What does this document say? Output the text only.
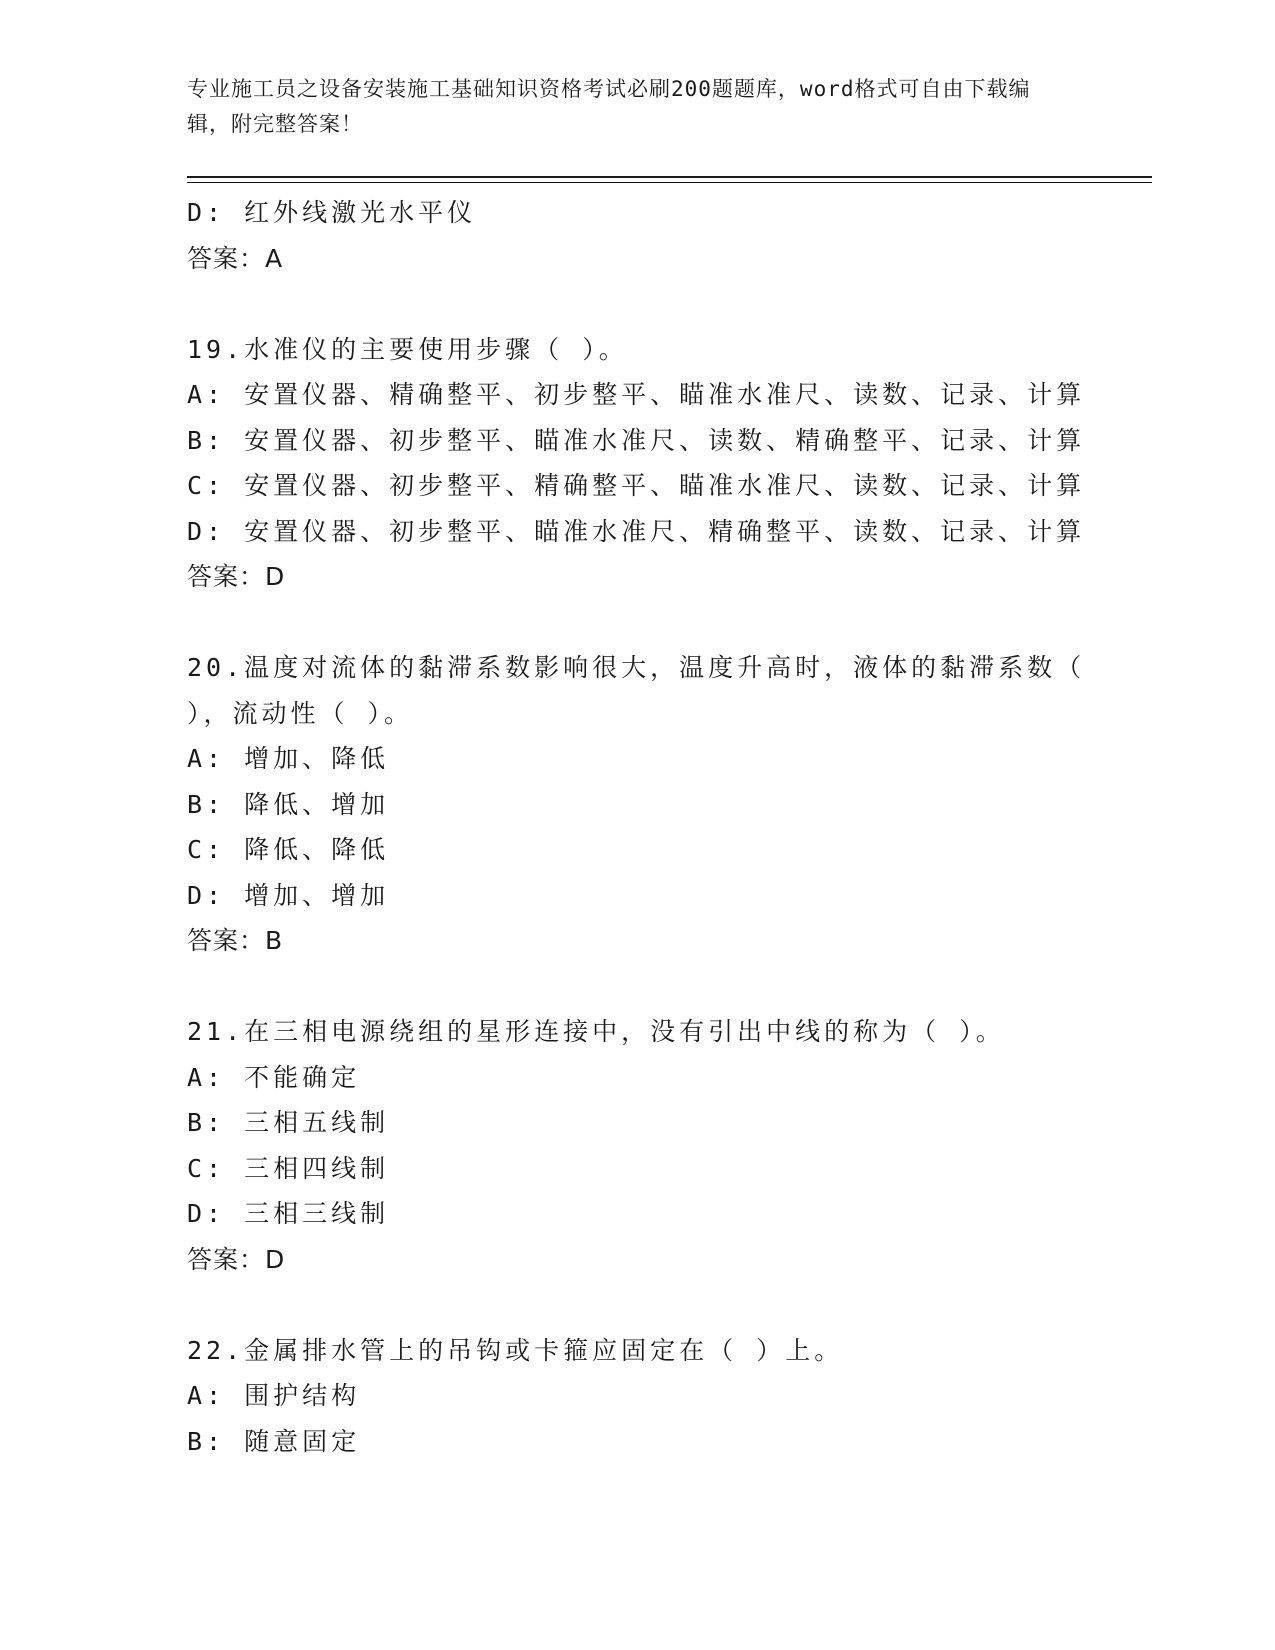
专业施工员之设备安装施工基础知识资格考试必刷200题题库，word格式可自由下载编辑，附完整答案！
D: 红外线激光水平仪
答案：A
19.水准仪的主要使用步骤（ ）。
A: 安置仪器、精确整平、初步整平、瞄准水准尺、读数、记录、计算
B: 安置仪器、初步整平、瞄准水准尺、读数、精确整平、记录、计算
C: 安置仪器、初步整平、精确整平、瞄准水准尺、读数、记录、计算
D: 安置仪器、初步整平、瞄准水准尺、精确整平、读数、记录、计算
答案：D
20.温度对流体的黏滞系数影响很大，温度升高时，液体的黏滞系数（
），流动性（ ）。
A: 增加、降低
B: 降低、增加
C: 降低、降低
D: 增加、增加
答案：B
21.在三相电源绕组的星形连接中，没有引出中线的称为（ ）。
A: 不能确定
B: 三相五线制
C: 三相四线制
D: 三相三线制
答案：D
22.金属排水管上的吊钩或卡箍应固定在（ ）上。
A: 围护结构
B: 随意固定
